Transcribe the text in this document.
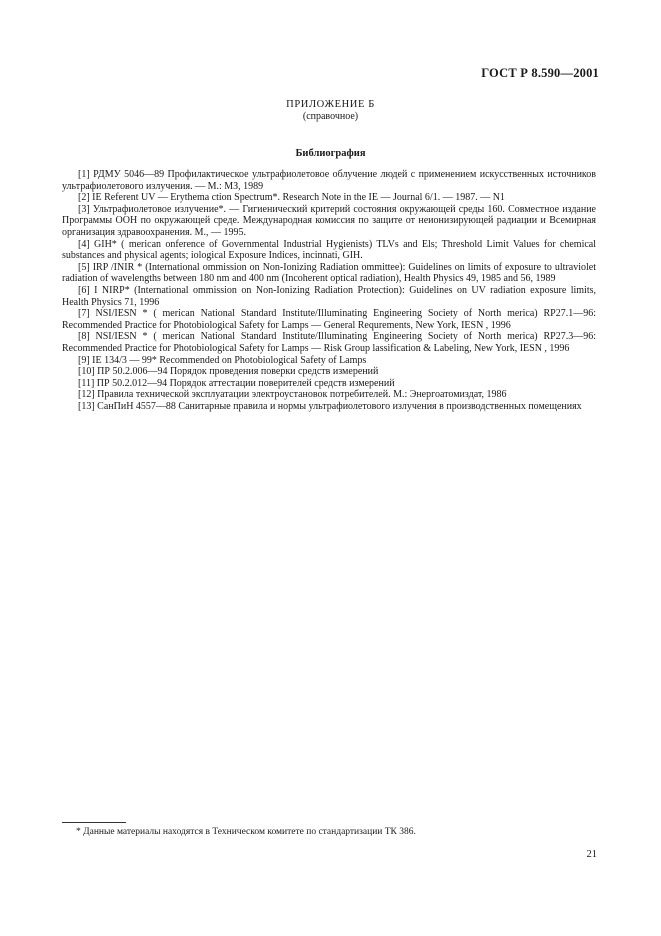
ГОСТ Р 8.590—2001
ПРИЛОЖЕНИЕ Б
(справочное)
Библиография

[1] РДМУ 5046—89 Профилактическое ультрафиолетовое облучение людей с применением искусственных источников ультрафиолетового излучения. — М.: МЗ, 1989

[2] IE Referent UV — Erythema ction Spectrum*. Research Note in the IE — Journal 6/1. — 1987. — N1

[3] Ультрафиолетовое излучение*. — Гигиенический критерий состояния окружающей среды 160. Совместное издание Программы ООН по окружающей среде. Международная комиссия по защите от неионизирующей радиации и Всемирная организация здравоохранения. М., — 1995.

[4] GIH* ( merican onference of Governmental Industrial Hygienists) TLVs and Els; Threshold Limit Values for chemical substances and physical agents; iological Exposure Indices, incinnati, GIH.

[5] IRP /INIR * (International ommission on Non-Ionizing Radiation ommittee): Guidelines on limits of exposure to ultraviolet radiation of wavelengths between 180 nm and 400 nm (Incoherent optical radiation), Health Physics 49, 1985 and 56, 1989

[6] I NIRP* (International ommission on Non-Ionizing Radiation Protection): Guidelines on UV radiation exposure limits, Health Physics 71, 1996

[7] NSI/IESN * ( merican National Standard Institute/Illuminating Engineering Society of North merica) RP27.1—96: Recommended Practice for Photobiological Safety for Lamps — General Requrements, New York, IESN , 1996

[8] NSI/IESN * ( merican National Standard Institute/Illuminating Engineering Society of North merica) RP27.3—96: Recommended Practice for Photobiological Safety for Lamps — Risk Group lassification & Labeling, New York, IESN , 1996

[9] IE 134/3 — 99* Recommended on Photobiological Safety of Lamps

[10] ПР 50.2.006—94 Порядок проведения поверки средств измерений

[11] ПР 50.2.012—94 Порядок аттестации поверителей средств измерений

[12] Правила технической эксплуатации электроустановок потребителей. М.: Энергоатомиздат, 1986

[13] СанПиН 4557—88 Санитарные правила и нормы ультрафиолетового излучения в производственных помещениях

* Данные материалы находятся в Техническом комитете по стандартизации ТК 386.
21
